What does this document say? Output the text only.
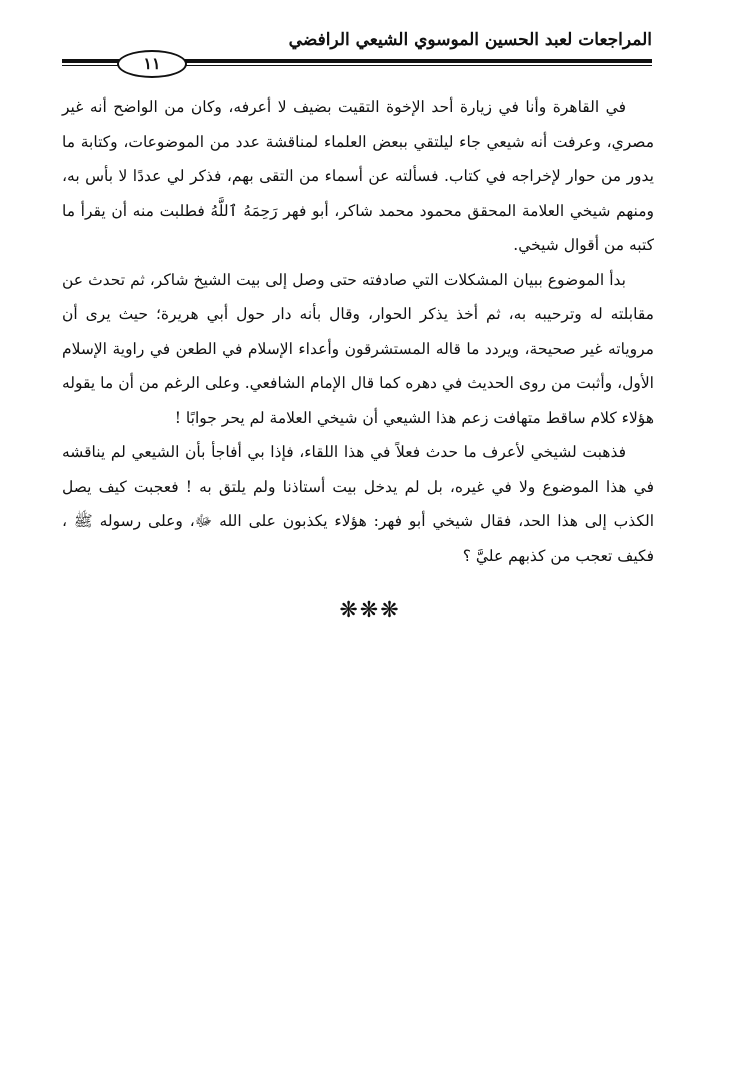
المراجعات لعبد الحسين الموسوي الشيعي الرافضي
١١

في القاهرة وأنا في زيارة أحد الإخوة التقيت بضيف لا أعرفه، وكان من الواضح أنه غير مصري، وعرفت أنه شيعي جاء ليلتقي ببعض العلماء لمناقشة عدد من الموضوعات، وكتابة ما يدور من حوار لإخراجه في كتاب. فسألته عن أسماء من التقى بهم، فذكر لي عددًا لا بأس به، ومنهم شيخي العلامة المحقق محمود محمد شاكر، أبو فهر رَحِمَهُ ٱللَّهُ فطلبت منه أن يقرأ ما كتبه من أقوال شيخي.

بدأ الموضوع ببيان المشكلات التي صادفته حتى وصل إلى بيت الشيخ شاكر، ثم تحدث عن مقابلته له وترحيبه به، ثم أخذ يذكر الحوار، وقال بأنه دار حول أبي هريرة؛ حيث يرى أن مروياته غير صحيحة، ويردد ما قاله المستشرقون وأعداء الإسلام في الطعن في راوية الإسلام الأول، وأثبت من روى الحديث في دهره كما قال الإمام الشافعي. وعلى الرغم من أن ما يقوله هؤلاء كلام ساقط متهافت زعم هذا الشيعي أن شيخي العلامة لم يحر جوابًا !

فذهبت لشيخي لأعرف ما حدث فعلاً في هذا اللقاء، فإذا بي أفاجأ بأن الشيعي لم يناقشه في هذا الموضوع ولا في غيره، بل لم يدخل بيت أستاذنا ولم يلتق به ! فعجبت كيف يصل الكذب إلى هذا الحد، فقال شيخي أبو فهر: هؤلاء يكذبون على الله ﷻ، وعلى رسوله ﷺ ، فكيف تعجب من كذبهم عليَّ ؟

❋❋❋
